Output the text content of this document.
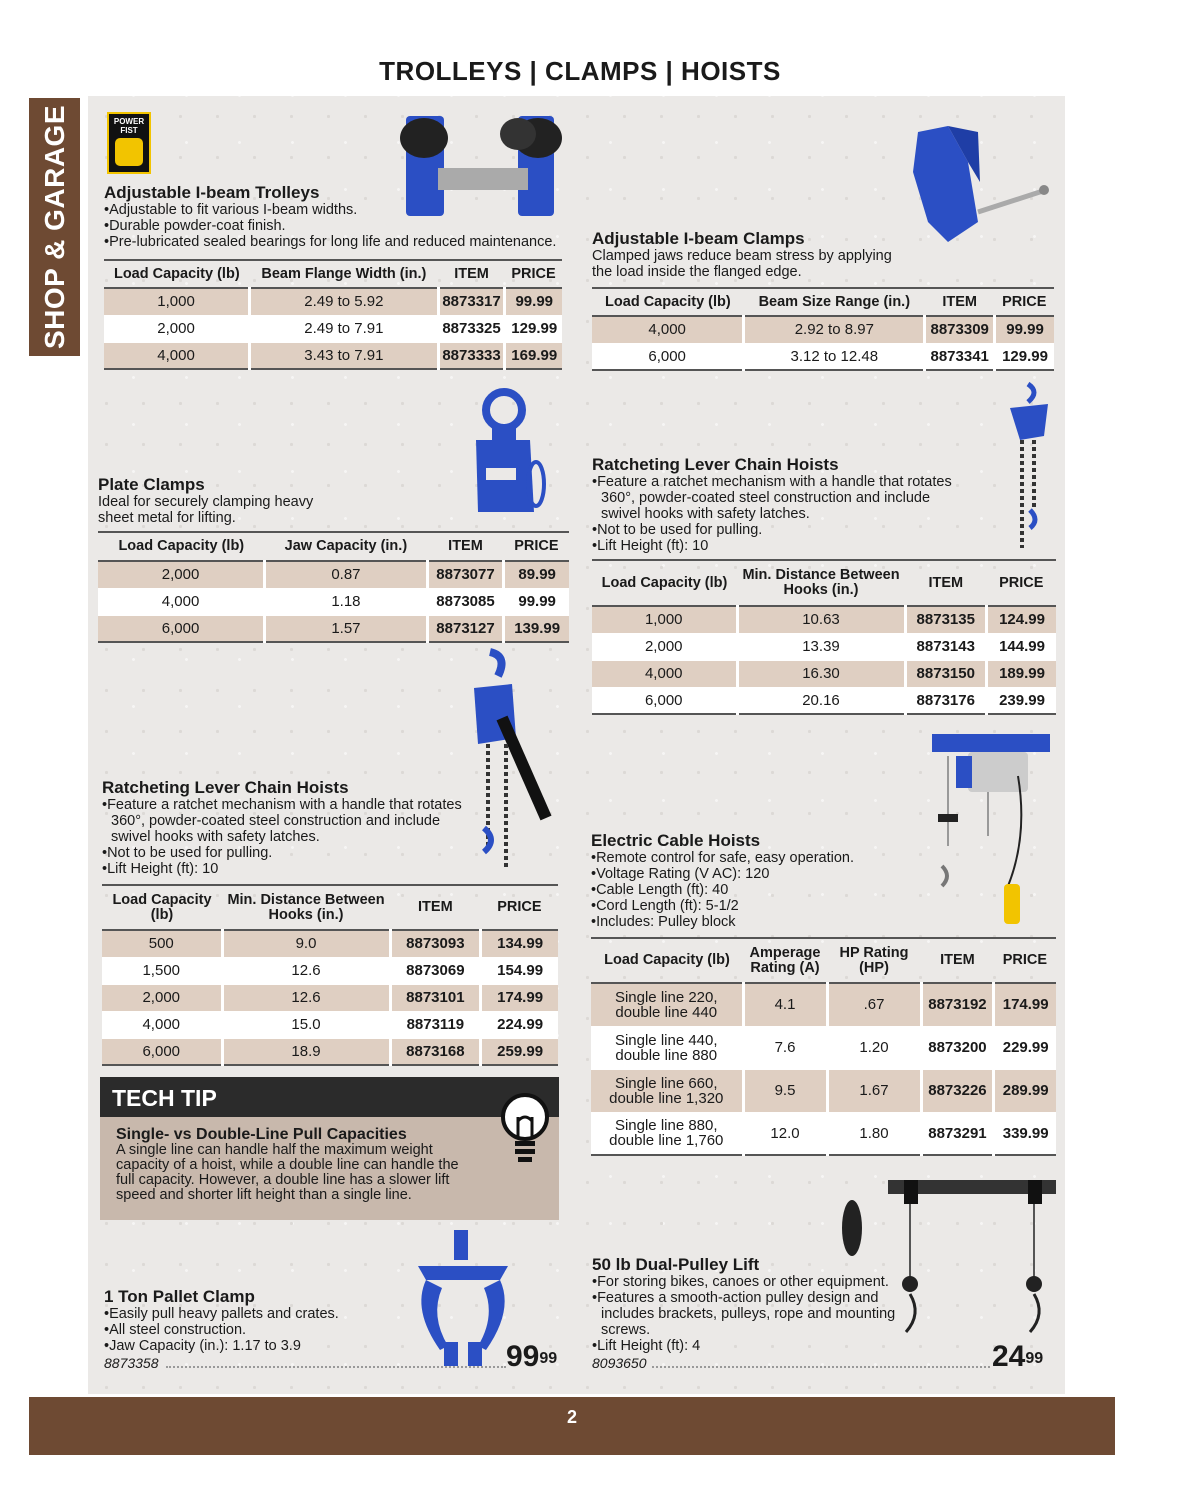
TROLLEYS | CLAMPS | HOISTS
SHOP & GARAGE	POWER FIST
Adjustable I-beam Trolleys
• Adjustable to fit various I-beam widths.
• Durable powder-coat finish.
• Pre-lubricated sealed bearings for long life and reduced maintenance.
Load Capacity (lb)	Beam Flange Width (in.)	ITEM	PRICE
1,000	2.49 to 5.92	8873317	99.99
2,000	2.49 to 7.91	8873325	129.99
4,000	3.43 to 7.91	8873333	169.99
Adjustable I-beam Clamps

Clamped jaws reduce beam stress by applying

the load inside the flanged edge.

Load Capacity (lb)	Beam Size Range (in.)	ITEM	PRICE
4,000	2.92 to 8.97	8873309	99.99
6,000	3.12 to 12.48	8873341	129.99
Plate Clamps

Ideal for securely clamping heavy

sheet metal for lifting.

Load Capacity (lb)	Jaw Capacity (in.)	ITEM	PRICE
2,000	0.87	8873077	89.99
4,000	1.18	8873085	99.99
6,000	1.57	8873127	139.99
Ratcheting Lever Chain Hoists
• Feature a ratchet mechanism with a handle that rotates 360°, powder-coated steel construction and include swivel hooks with safety latches.
• Not to be used for pulling.
• Lift Height (ft): 10
Load Capacity (lb)	Min. Distance Between Hooks (in.)	ITEM	PRICE
1,000	10.63	8873135	124.99
2,000	13.39	8873143	144.99
4,000	16.30	8873150	189.99
6,000	20.16	8873176	239.99
Ratcheting Lever Chain Hoists
• Feature a ratchet mechanism with a handle that rotates 360°, powder-coated steel construction and include swivel hooks with safety latches.
• Not to be used for pulling.
• Lift Height (ft): 10
Load Capacity (lb)	Min. Distance Between Hooks (in.)	ITEM	PRICE
500	9.0	8873093	134.99
1,500	12.6	8873069	154.99
2,000	12.6	8873101	174.99
4,000	15.0	8873119	224.99
6,000	18.9	8873168	259.99
Electric Cable Hoists
• Remote control for safe, easy operation.
• Voltage Rating (V AC): 120
• Cable Length (ft): 40
• Cord Length (ft): 5-1/2
• Includes: Pulley block
Load Capacity (lb)	Amperage Rating (A)	HP Rating (HP)	ITEM	PRICE
Single line 220, double line 440	4.1	.67	8873192	174.99
Single line 440, double line 880	7.6	1.20	8873200	229.99
Single line 660, double line 1,320	9.5	1.67	8873226	289.99
Single line 880, double line 1,760	12.0	1.80	8873291	339.99
TECH TIP
Single- vs Double-Line Pull Capacities

A single line can handle half the maximum weight capacity of a hoist, while a double line can handle the full capacity. However, a double line has a slower lift speed and shorter lift height than a single line.

1 Ton Pallet Clamp
• Easily pull heavy pallets and crates.
• All steel construction.
• Jaw Capacity (in.): 1.17 to 3.9
8873358	$99^{99}$
50 lb Dual-Pulley Lift
• For storing bikes, canoes or other equipment.
• Features a smooth-action pulley design and includes brackets, pulleys, rope and mounting screws.
• Lift Height (ft): 4
8093650	$24^{99}$
2
